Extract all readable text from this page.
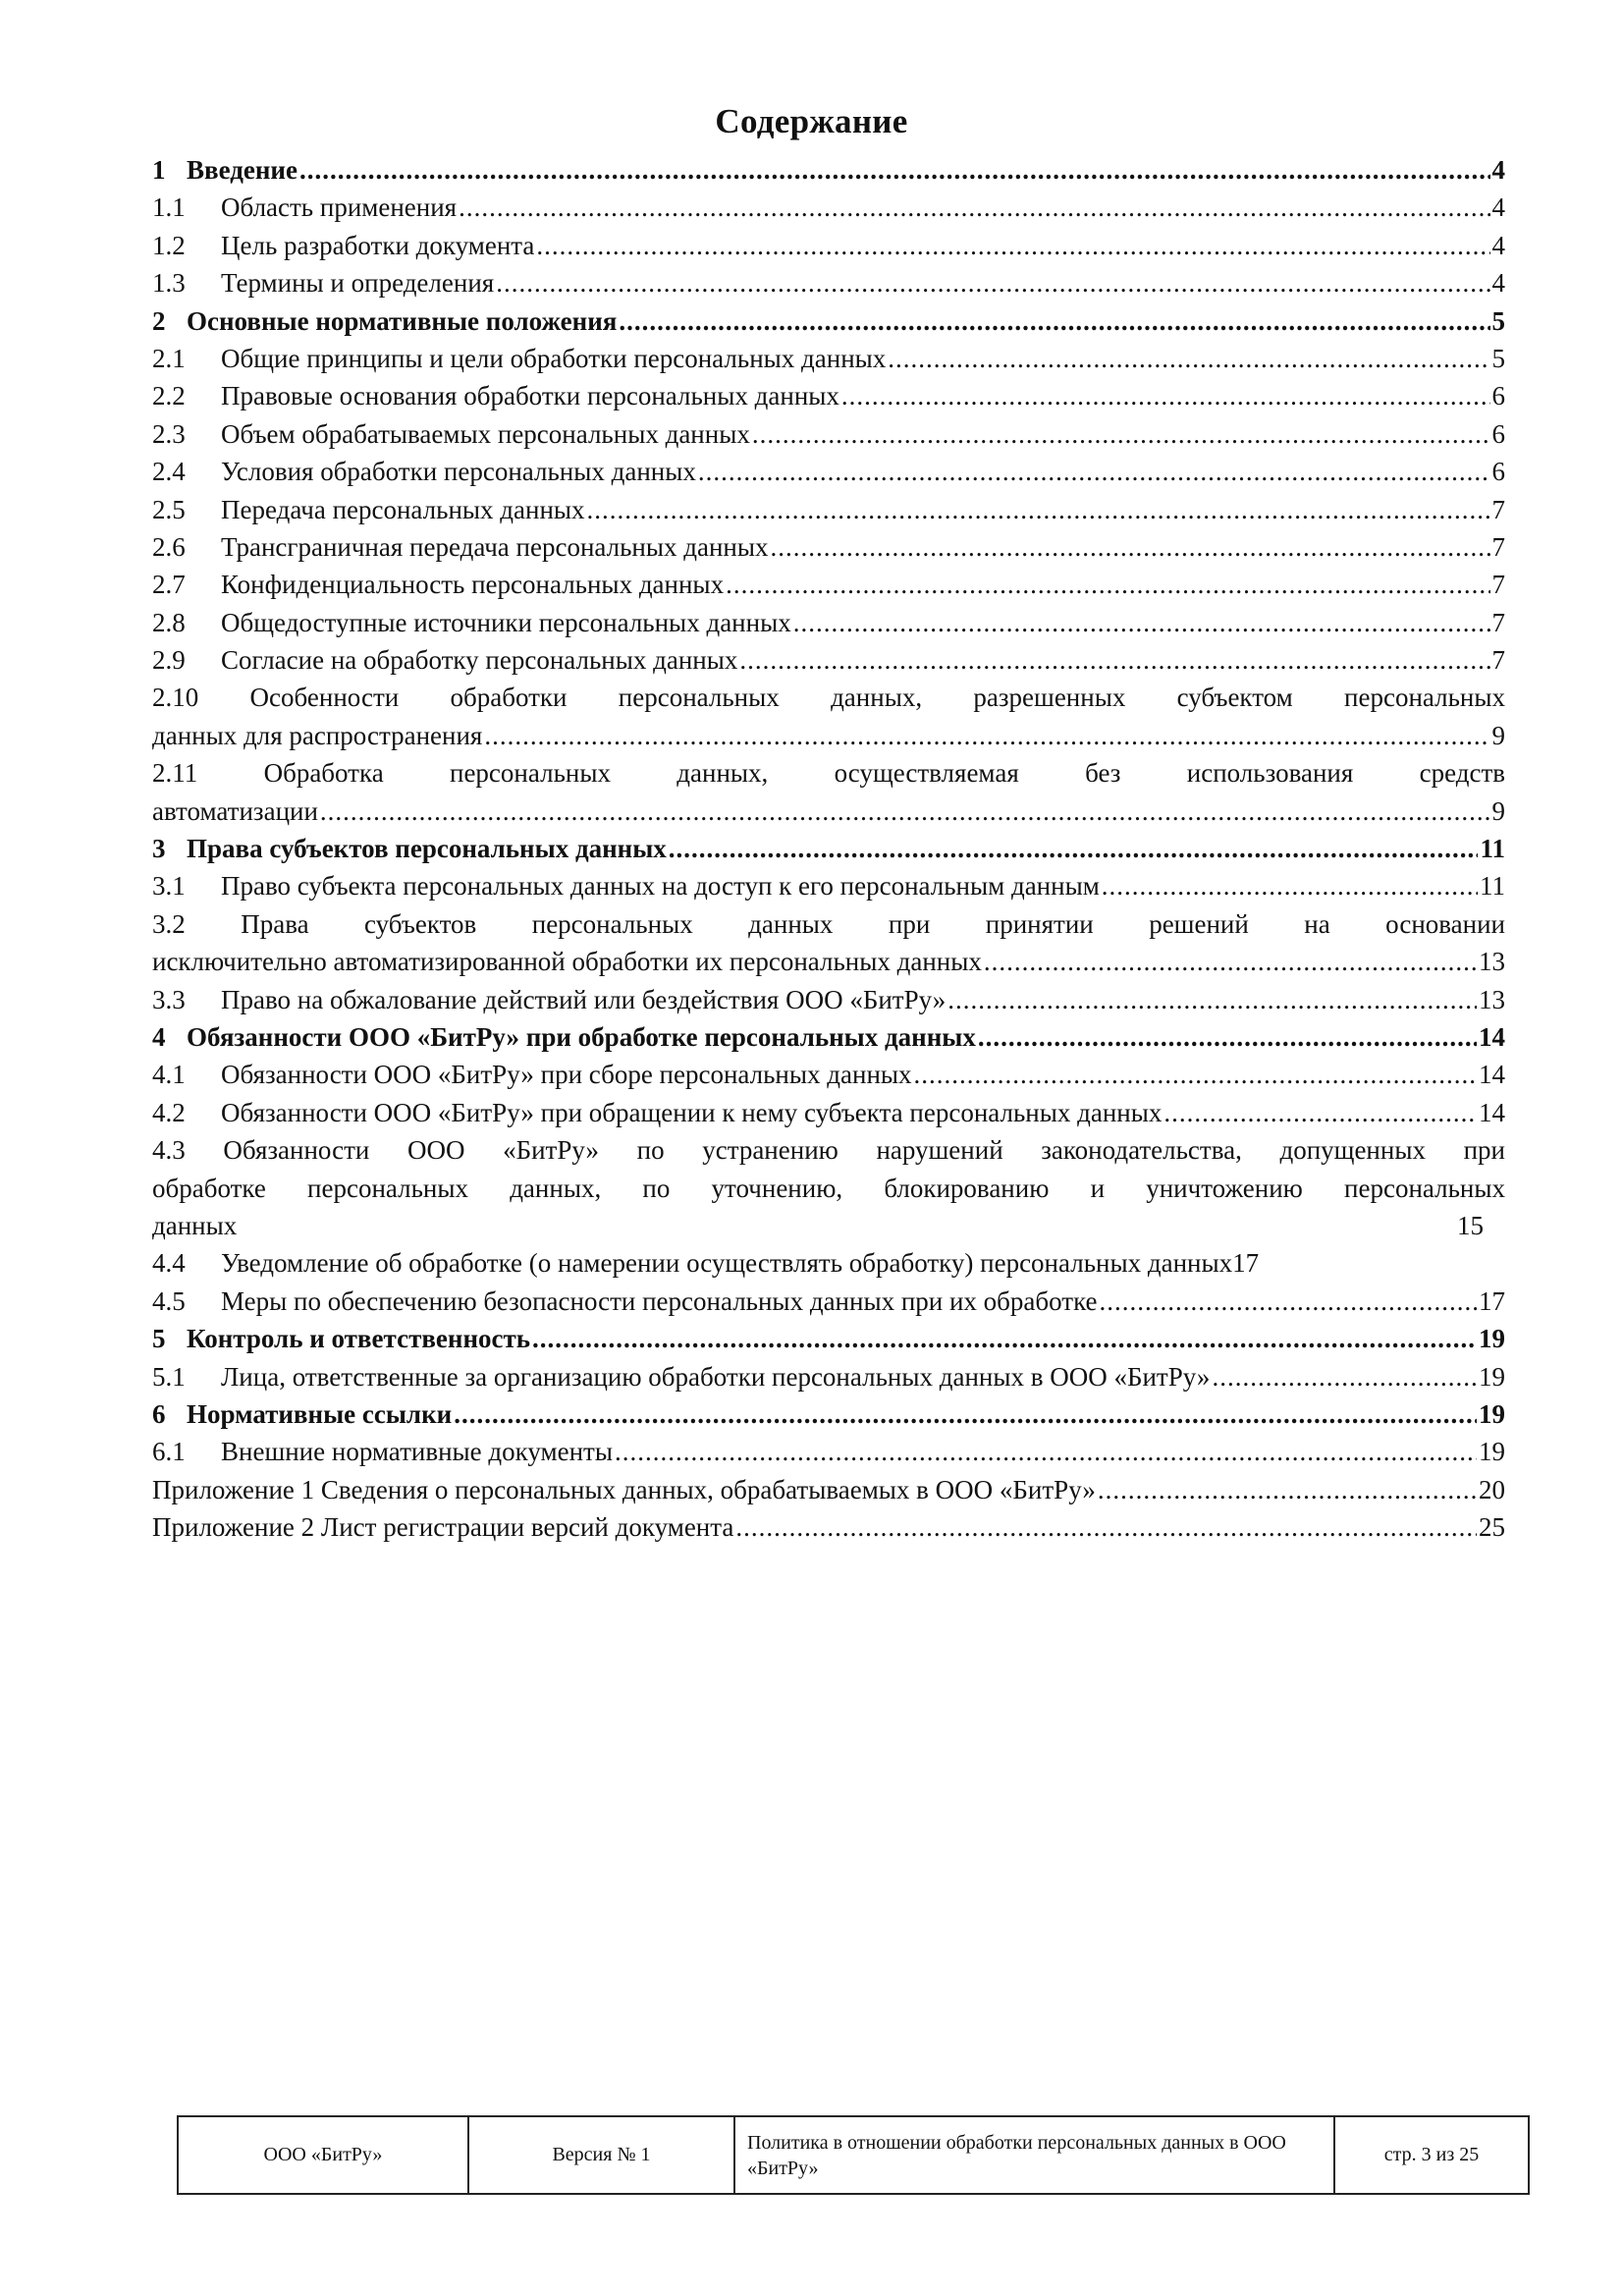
Содержание
1 Введение .....	4
1.1	Область применения .....	4
1.2	Цель разработки документа .....	4
1.3	Термины и определения .....	4
2 Основные нормативные положения .....	5
2.1	Общие принципы и цели обработки персональных данных .....	5
2.2	Правовые основания обработки персональных данных .....	6
2.3	Объем обрабатываемых персональных данных .....	6
2.4	Условия обработки персональных данных .....	6
2.5	Передача персональных данных .....	7
2.6	Трансграничная передача персональных данных .....	7
2.7	Конфиденциальность персональных данных .....	7
2.8	Общедоступные источники персональных данных .....	7
2.9	Согласие на обработку персональных данных .....	7
2.10 Особенности обработки персональных данных, разрешенных субъектом персональных
данных для распространения .....	9
2.11 Обработка персональных данных, осуществляемая без использования средств
автоматизации .....	9
3 Права субъектов персональных данных .....	11
3.1	Право субъекта персональных данных на доступ к его персональным данным .....	11
3.2 Права субъектов персональных данных при принятии решений на основании
исключительно автоматизированной обработки их персональных данных .....	13
3.3	Право на обжалование действий или бездействия ООО «БитРу» .....	13
4 Обязанности ООО «БитРу» при обработке персональных данных .....	14
4.1	Обязанности ООО «БитРу» при сборе персональных данных .....	14
4.2	Обязанности ООО «БитРу» при обращении к нему субъекта персональных данных .....	14
4.3 Обязанности ООО «БитРу» по устранению нарушений законодательства, допущенных при
обработке персональных данных, по уточнению, блокированию и уничтожению персональных
данных	15
4.4	Уведомление об обработке (о намерении осуществлять обработку) персональных данных 17
4.5	Меры по обеспечению безопасности персональных данных при их обработке .....	17
5 Контроль и ответственность .....	19
5.1	Лица, ответственные за организацию обработки персональных данных в ООО «БитРу» .....	19
6 Нормативные ссылки .....	19
6.1	Внешние нормативные документы .....	19
Приложение 1 Сведения о персональных данных, обрабатываемых в ООО «БитРу» .....	20
Приложение 2 Лист регистрации версий документа .....	25
ООО «БитРу»	Версия № 1	Политика в отношении обработки персональных данных в ООО «БитРу»	стр. 3 из 25
